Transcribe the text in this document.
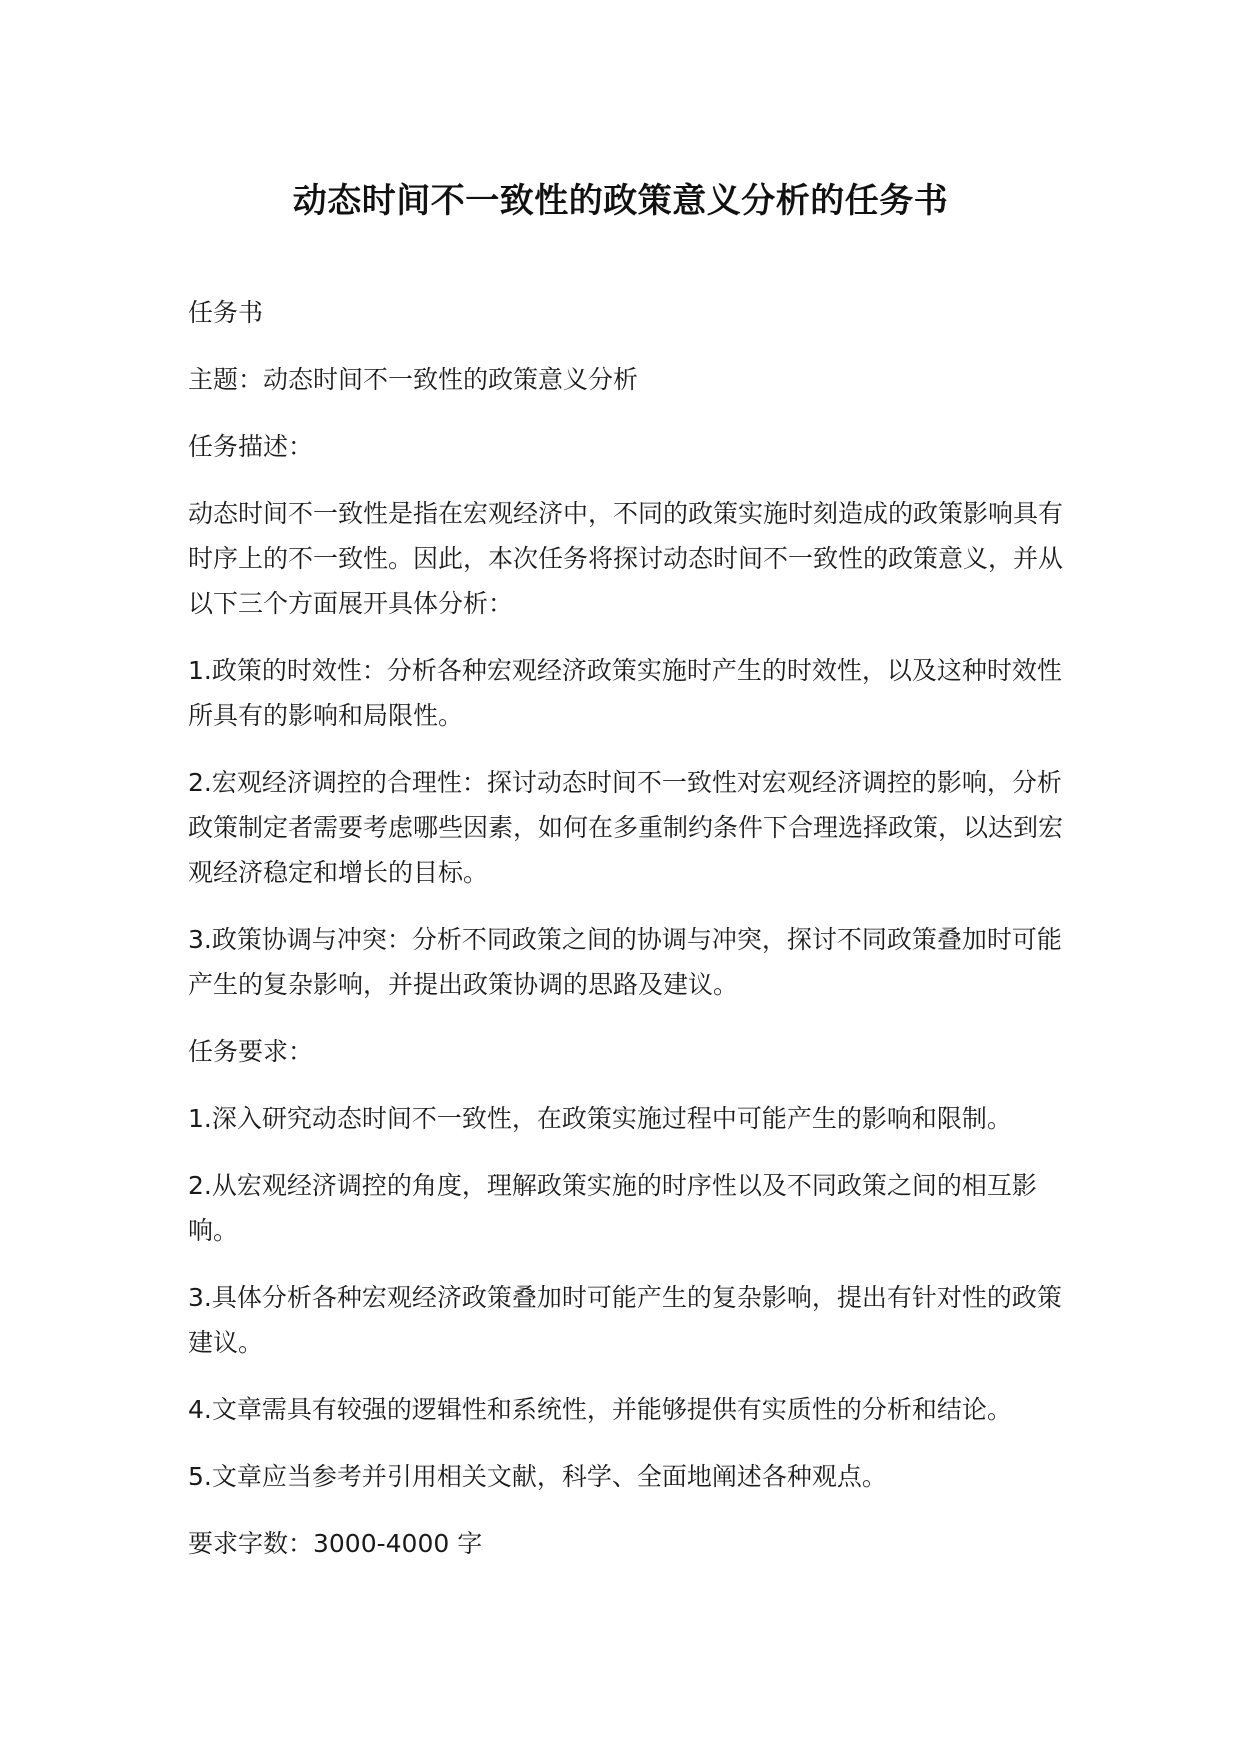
动态时间不一致性的政策意义分析的任务书

任务书

主题：动态时间不一致性的政策意义分析

任务描述：

动态时间不一致性是指在宏观经济中，不同的政策实施时刻造成的政策影响具有时序上的不一致性。因此，本次任务将探讨动态时间不一致性的政策意义，并从以下三个方面展开具体分析：

1.政策的时效性：分析各种宏观经济政策实施时产生的时效性，以及这种时效性所具有的影响和局限性。

2.宏观经济调控的合理性：探讨动态时间不一致性对宏观经济调控的影响，分析政策制定者需要考虑哪些因素，如何在多重制约条件下合理选择政策，以达到宏观经济稳定和增长的目标。

3.政策协调与冲突：分析不同政策之间的协调与冲突，探讨不同政策叠加时可能产生的复杂影响，并提出政策协调的思路及建议。

任务要求：

1.深入研究动态时间不一致性，在政策实施过程中可能产生的影响和限制。

2.从宏观经济调控的角度，理解政策实施的时序性以及不同政策之间的相互影响。

3.具体分析各种宏观经济政策叠加时可能产生的复杂影响，提出有针对性的政策建议。

4.文章需具有较强的逻辑性和系统性，并能够提供有实质性的分析和结论。

5.文章应当参考并引用相关文献，科学、全面地阐述各种观点。

要求字数：3000-4000 字
